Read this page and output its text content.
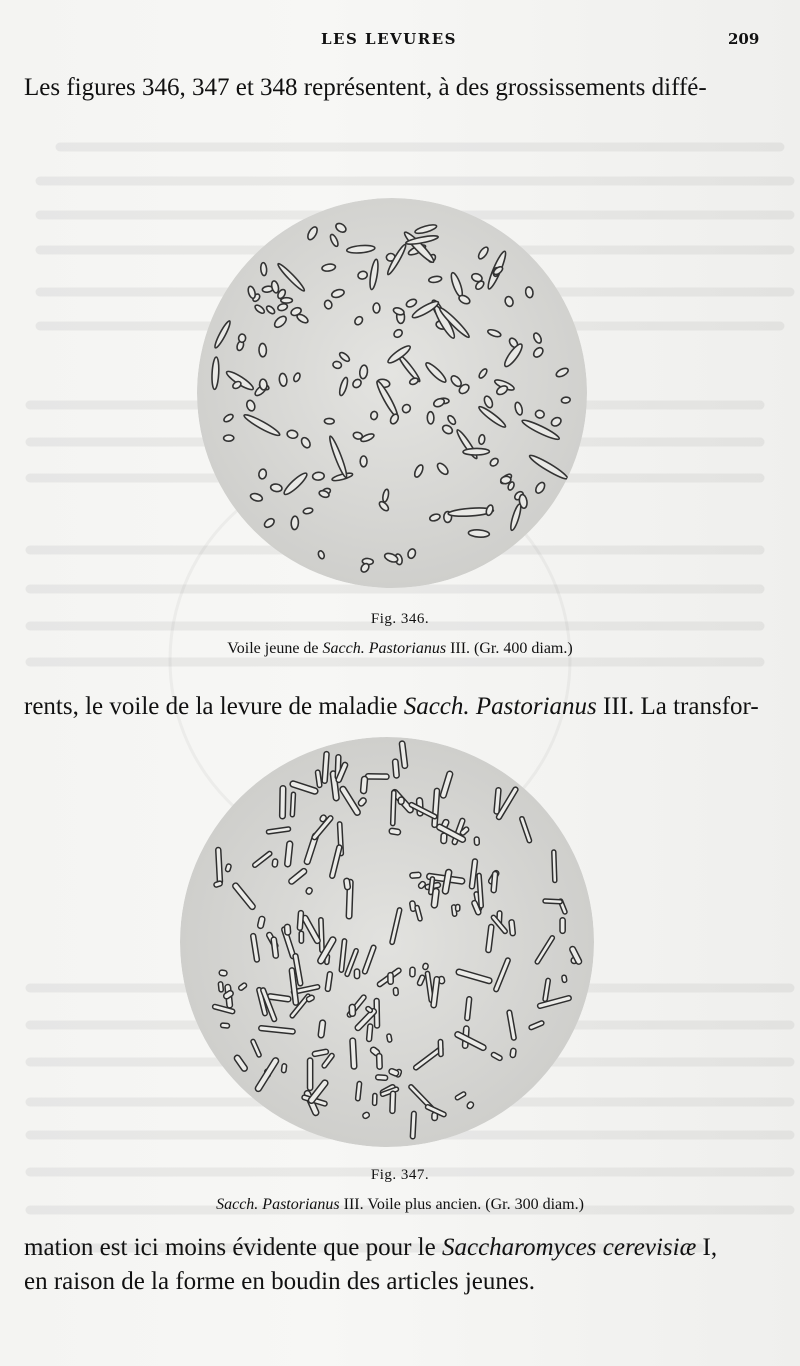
LES LEVURES	209
Les figures 346, 347 et 348 représentent, à des grossissements diffé-
Fig. 346.
Voile jeune de Sacch. Pastorianus III. (Gr. 400 diam.)
rents, le voile de la levure de maladie Sacch. Pastorianus III. La transfor-
Fig. 347.
Sacch. Pastorianus III. Voile plus ancien. (Gr. 300 diam.)
mation est ici moins évidente que pour le Saccharomyces cerevisiæ I,
en raison de la forme en boudin des articles jeunes.
